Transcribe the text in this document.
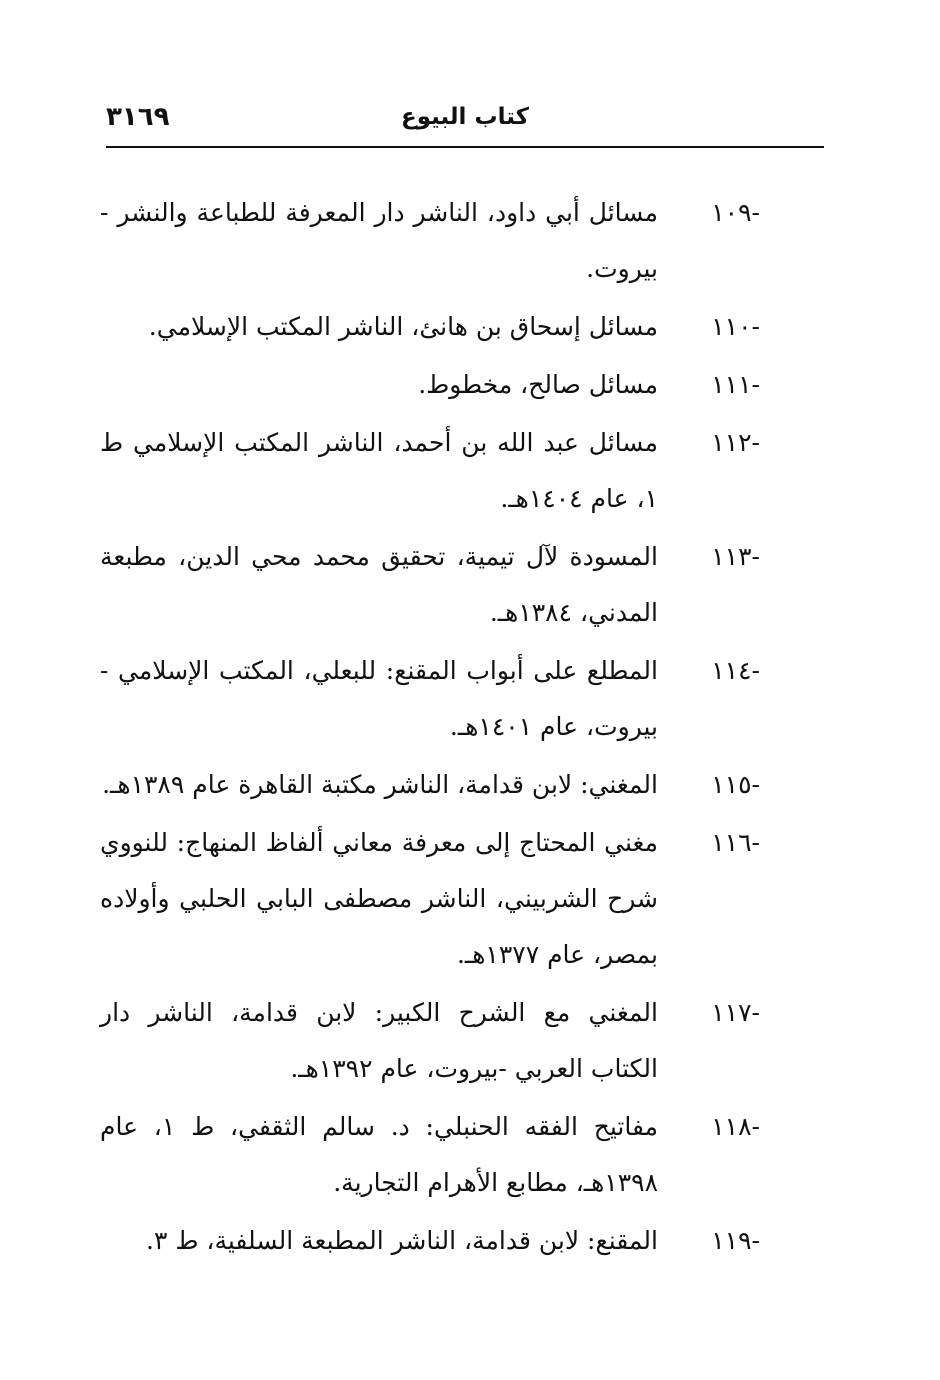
كتاب البيوع
٣١٦٩
-١٠٩
مسائل أبي داود، الناشر دار المعرفة للطباعة والنشر - بيروت.
-١١٠
مسائل إسحاق بن هانئ، الناشر المكتب الإسلامي.
-١١١
مسائل صالح، مخطوط.
-١١٢
مسائل عبد الله بن أحمد، الناشر المكتب الإسلامي ط ١، عام ١٤٠٤هـ.
-١١٣
المسودة لآل تيمية، تحقيق محمد محي الدين، مطبعة المدني، ١٣٨٤هـ.
-١١٤
المطلع على أبواب المقنع: للبعلي، المكتب الإسلامي - بيروت، عام ١٤٠١هـ.
-١١٥
المغني: لابن قدامة، الناشر مكتبة القاهرة عام ١٣٨٩هـ.
-١١٦
مغني المحتاج إلى معرفة معاني ألفاظ المنهاج: للنووي شرح الشربيني، الناشر مصطفى البابي الحلبي وأولاده بمصر، عام ١٣٧٧هـ.
-١١٧
المغني مع الشرح الكبير: لابن قدامة، الناشر دار الكتاب العربي -بيروت، عام ١٣٩٢هـ.
-١١٨
مفاتيح الفقه الحنبلي: د. سالم الثقفي، ط ١، عام ١٣٩٨هـ، مطابع الأهرام التجارية.
-١١٩
المقنع: لابن قدامة، الناشر المطبعة السلفية، ط ٣.
